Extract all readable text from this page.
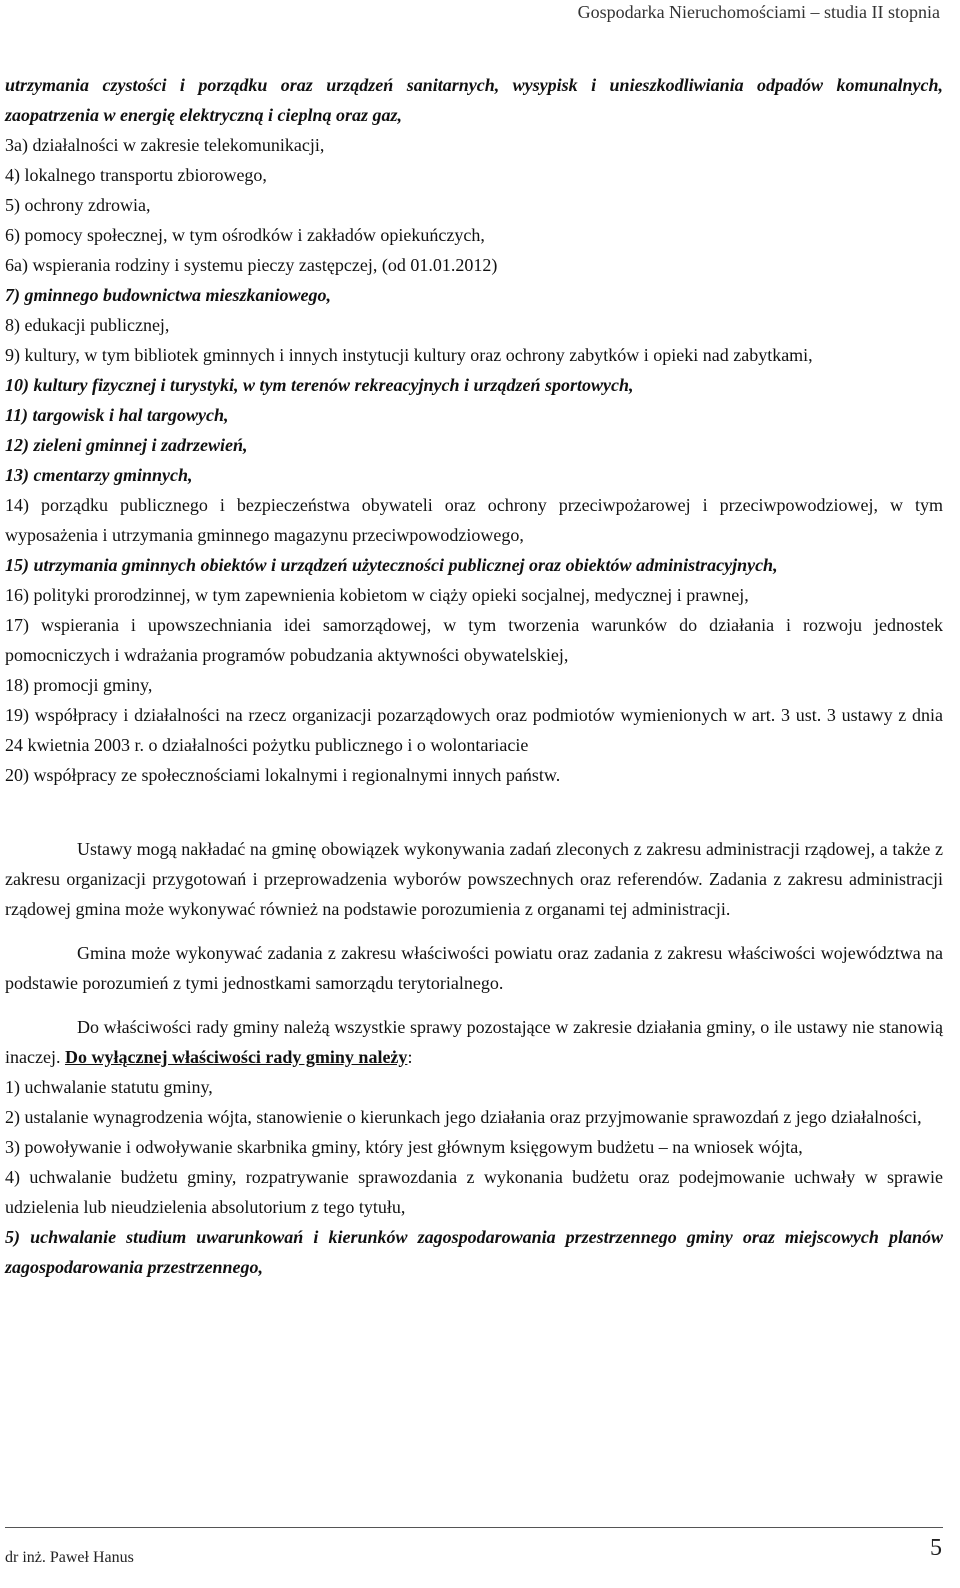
Gospodarka Nieruchomościami – studia II stopnia

utrzymania czystości i porządku oraz urządzeń sanitarnych, wysypisk i unieszkodliwiania odpadów komunalnych, zaopatrzenia w energię elektryczną i cieplną oraz gaz,

3a) działalności w zakresie telekomunikacji,

4) lokalnego transportu zbiorowego,

5) ochrony zdrowia,

6) pomocy społecznej, w tym ośrodków i zakładów opiekuńczych,

6a) wspierania rodziny i systemu pieczy zastępczej, (od 01.01.2012)

7) gminnego budownictwa mieszkaniowego,

8) edukacji publicznej,

9) kultury, w tym bibliotek gminnych i innych instytucji kultury oraz ochrony zabytków i opieki nad zabytkami,

10) kultury fizycznej i turystyki, w tym terenów rekreacyjnych i urządzeń sportowych,

11) targowisk i hal targowych,

12) zieleni gminnej i zadrzewień,

13) cmentarzy gminnych,

14) porządku publicznego i bezpieczeństwa obywateli oraz ochrony przeciwpożarowej i przeciwpowodziowej, w tym wyposażenia i utrzymania gminnego magazynu przeciwpowodziowego,

15) utrzymania gminnych obiektów i urządzeń użyteczności publicznej oraz obiektów administracyjnych,

16) polityki prorodzinnej, w tym zapewnienia kobietom w ciąży opieki socjalnej, medycznej i prawnej,

17) wspierania i upowszechniania idei samorządowej, w tym tworzenia warunków do działania i rozwoju jednostek pomocniczych i wdrażania programów pobudzania aktywności obywatelskiej,

18) promocji gminy,

19) współpracy i działalności na rzecz organizacji pozarządowych oraz podmiotów wymienionych w art. 3 ust. 3 ustawy z dnia 24 kwietnia 2003 r. o działalności pożytku publicznego i o wolontariacie

20) współpracy ze społecznościami lokalnymi i regionalnymi innych państw.

Ustawy mogą nakładać na gminę obowiązek wykonywania zadań zleconych z zakresu administracji rządowej, a także z zakresu organizacji przygotowań i przeprowadzenia wyborów powszechnych oraz referendów. Zadania z zakresu administracji rządowej gmina może wykonywać również na podstawie porozumienia z organami tej administracji.

Gmina może wykonywać zadania z zakresu właściwości powiatu oraz zadania z zakresu właściwości województwa na podstawie porozumień z tymi jednostkami samorządu terytorialnego.

Do właściwości rady gminy należą wszystkie sprawy pozostające w zakresie działania gminy, o ile ustawy nie stanowią inaczej. Do wyłącznej właściwości rady gminy należy:

1) uchwalanie statutu gminy,

2) ustalanie wynagrodzenia wójta, stanowienie o kierunkach jego działania oraz przyjmowanie sprawozdań z jego działalności,

3) powoływanie i odwoływanie skarbnika gminy, który jest głównym księgowym budżetu – na wniosek wójta,

4) uchwalanie budżetu gminy, rozpatrywanie sprawozdania z wykonania budżetu oraz podejmowanie uchwały w sprawie udzielenia lub nieudzielenia absolutorium z tego tytułu,

5) uchwalanie studium uwarunkowań i kierunków zagospodarowania przestrzennego gminy oraz miejscowych planów zagospodarowania przestrzennego,

dr inż. Paweł Hanus	5
